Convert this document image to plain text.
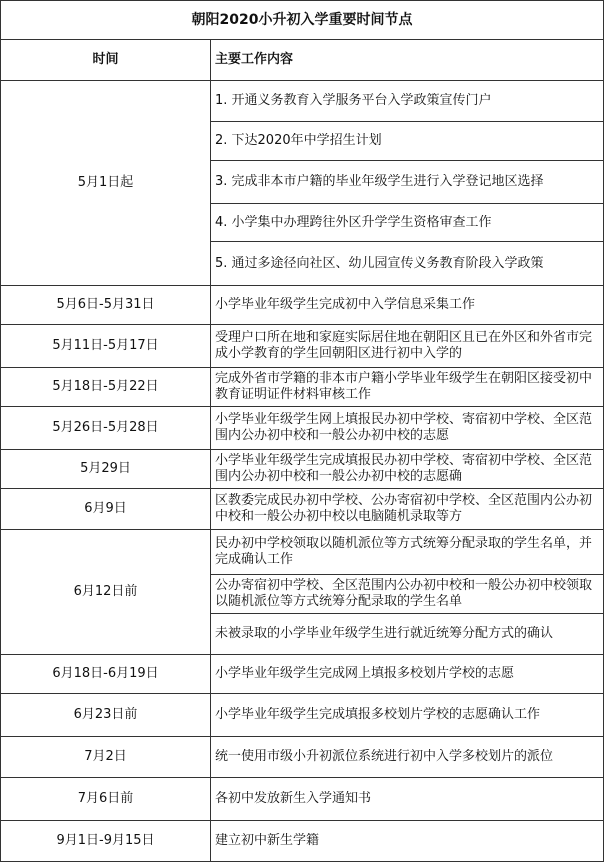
朝阳2020小升初入学重要时间节点	
时间	主要工作内容
5月1日起	1. 开通义务教育入学服务平台入学政策宣传门户

	2. 下达2020年中学招生计划

	3. 完成非本市户籍的毕业年级学生进行入学登记地区选择

	4. 小学集中办理跨往外区升学学生资格审查工作

	5. 通过多途径向社区、幼儿园宣传义务教育阶段入学政策

5月6日-5月31日	小学毕业年级学生完成初中入学信息采集工作

5月11日-5月17日	受理户口所在地和家庭实际居住地在朝阳区且已在外区和外省市完成小学教育的学生回朝阳区进行初中入学的

5月18日-5月22日	完成外省市学籍的非本市户籍小学毕业年级学生在朝阳区接受初中教育证明证件材料审核工作

5月26日-5月28日	小学毕业年级学生网上填报民办初中学校、寄宿初中学校、全区范围内公办初中校和一般公办初中校的志愿

5月29日	小学毕业年级学生完成填报民办初中学校、寄宿初中学校、全区范围内公办初中校和一般公办初中校的志愿确

6月9日	区教委完成民办初中学校、公办寄宿初中学校、全区范围内公办初中校和一般公办初中校以电脑随机录取等方

6月12日前	民办初中学校领取以随机派位等方式统筹分配录取的学生名单，并完成确认工作

	公办寄宿初中学校、全区范围内公办初中校和一般公办初中校领取以随机派位等方式统筹分配录取的学生名单

	未被录取的小学毕业年级学生进行就近统筹分配方式的确认

6月18日-6月19日	小学毕业年级学生完成网上填报多校划片学校的志愿

6月23日前	小学毕业年级学生完成填报多校划片学校的志愿确认工作

7月2日	统一使用市级小升初派位系统进行初中入学多校划片的派位

7月6日前	各初中发放新生入学通知书

9月1日-9月15日	建立初中新生学籍
